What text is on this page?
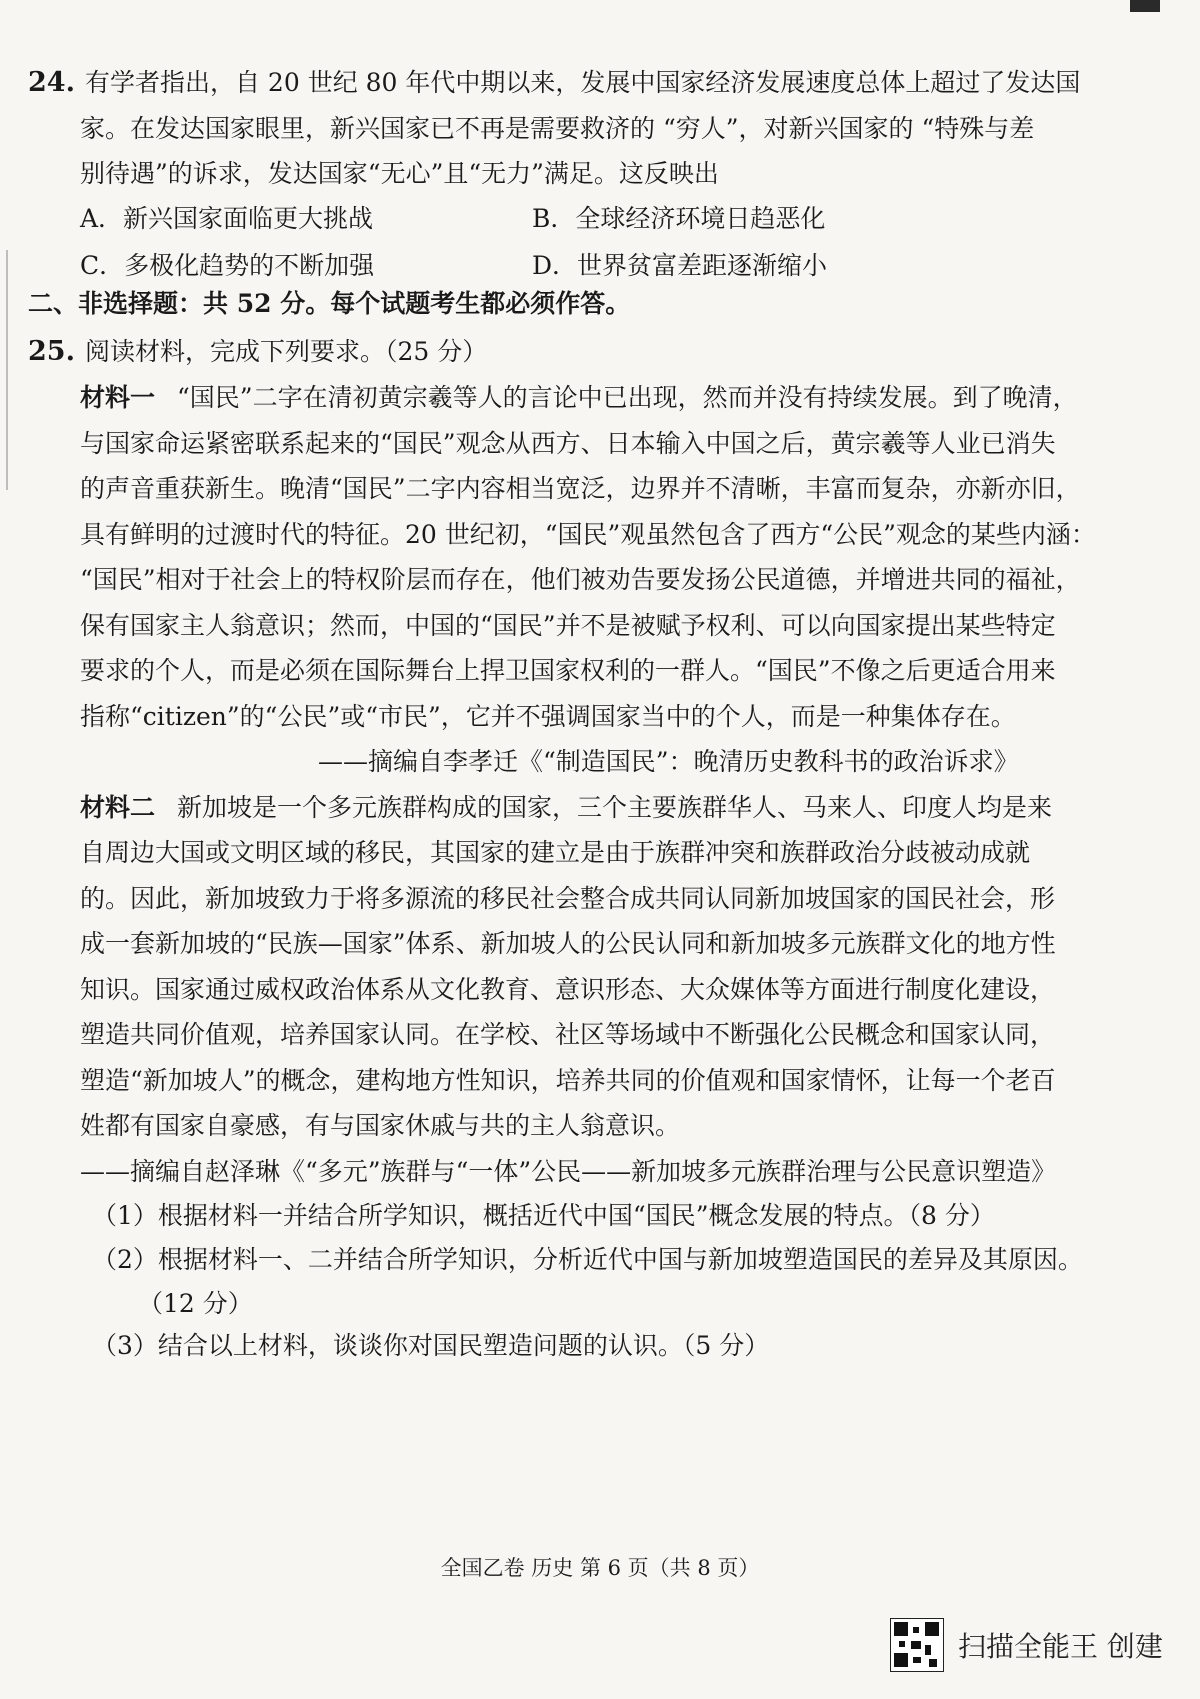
24. 有学者指出，自 20 世纪 80 年代中期以来，发展中国家经济发展速度总体上超过了发达国
家。在发达国家眼里，新兴国家已不再是需要救济的 “穷人”，对新兴国家的 “特殊与差
别待遇”的诉求，发达国家“无心”且“无力”满足。这反映出
A．新兴国家面临更大挑战	B．全球经济环境日趋恶化
C．多极化趋势的不断加强	D．世界贫富差距逐渐缩小
二、非选择题：共 52 分。每个试题考生都必须作答。
25. 阅读材料，完成下列要求。（25 分）
材料一 “国民”二字在清初黄宗羲等人的言论中已出现，然而并没有持续发展。到了晚清，
与国家命运紧密联系起来的“国民”观念从西方、日本输入中国之后，黄宗羲等人业已消失
的声音重获新生。晚清“国民”二字内容相当宽泛，边界并不清晰，丰富而复杂，亦新亦旧，
具有鲜明的过渡时代的特征。20 世纪初，“国民”观虽然包含了西方“公民”观念的某些内涵：
“国民”相对于社会上的特权阶层而存在，他们被劝告要发扬公民道德，并增进共同的福祉，
保有国家主人翁意识；然而，中国的“国民”并不是被赋予权利、可以向国家提出某些特定
要求的个人，而是必须在国际舞台上捍卫国家权利的一群人。“国民”不像之后更适合用来
指称“citizen”的“公民”或“市民”，它并不强调国家当中的个人，而是一种集体存在。
——摘编自李孝迁《“制造国民”：晚清历史教科书的政治诉求》
材料二 新加坡是一个多元族群构成的国家，三个主要族群华人、马来人、印度人均是来
自周边大国或文明区域的移民，其国家的建立是由于族群冲突和族群政治分歧被动成就
的。因此，新加坡致力于将多源流的移民社会整合成共同认同新加坡国家的国民社会，形
成一套新加坡的“民族—国家”体系、新加坡人的公民认同和新加坡多元族群文化的地方性
知识。国家通过威权政治体系从文化教育、意识形态、大众媒体等方面进行制度化建设，
塑造共同价值观，培养国家认同。在学校、社区等场域中不断强化公民概念和国家认同，
塑造“新加坡人”的概念，建构地方性知识，培养共同的价值观和国家情怀，让每一个老百
姓都有国家自豪感，有与国家休戚与共的主人翁意识。
——摘编自赵泽琳《“多元”族群与“一体”公民——新加坡多元族群治理与公民意识塑造》
（1）根据材料一并结合所学知识，概括近代中国“国民”概念发展的特点。（8 分）
（2）根据材料一、二并结合所学知识，分析近代中国与新加坡塑造国民的差异及其原因。
（12 分）
（3）结合以上材料，谈谈你对国民塑造问题的认识。（5 分）
全国乙卷 历史 第 6 页（共 8 页）
扫描全能王 创建
